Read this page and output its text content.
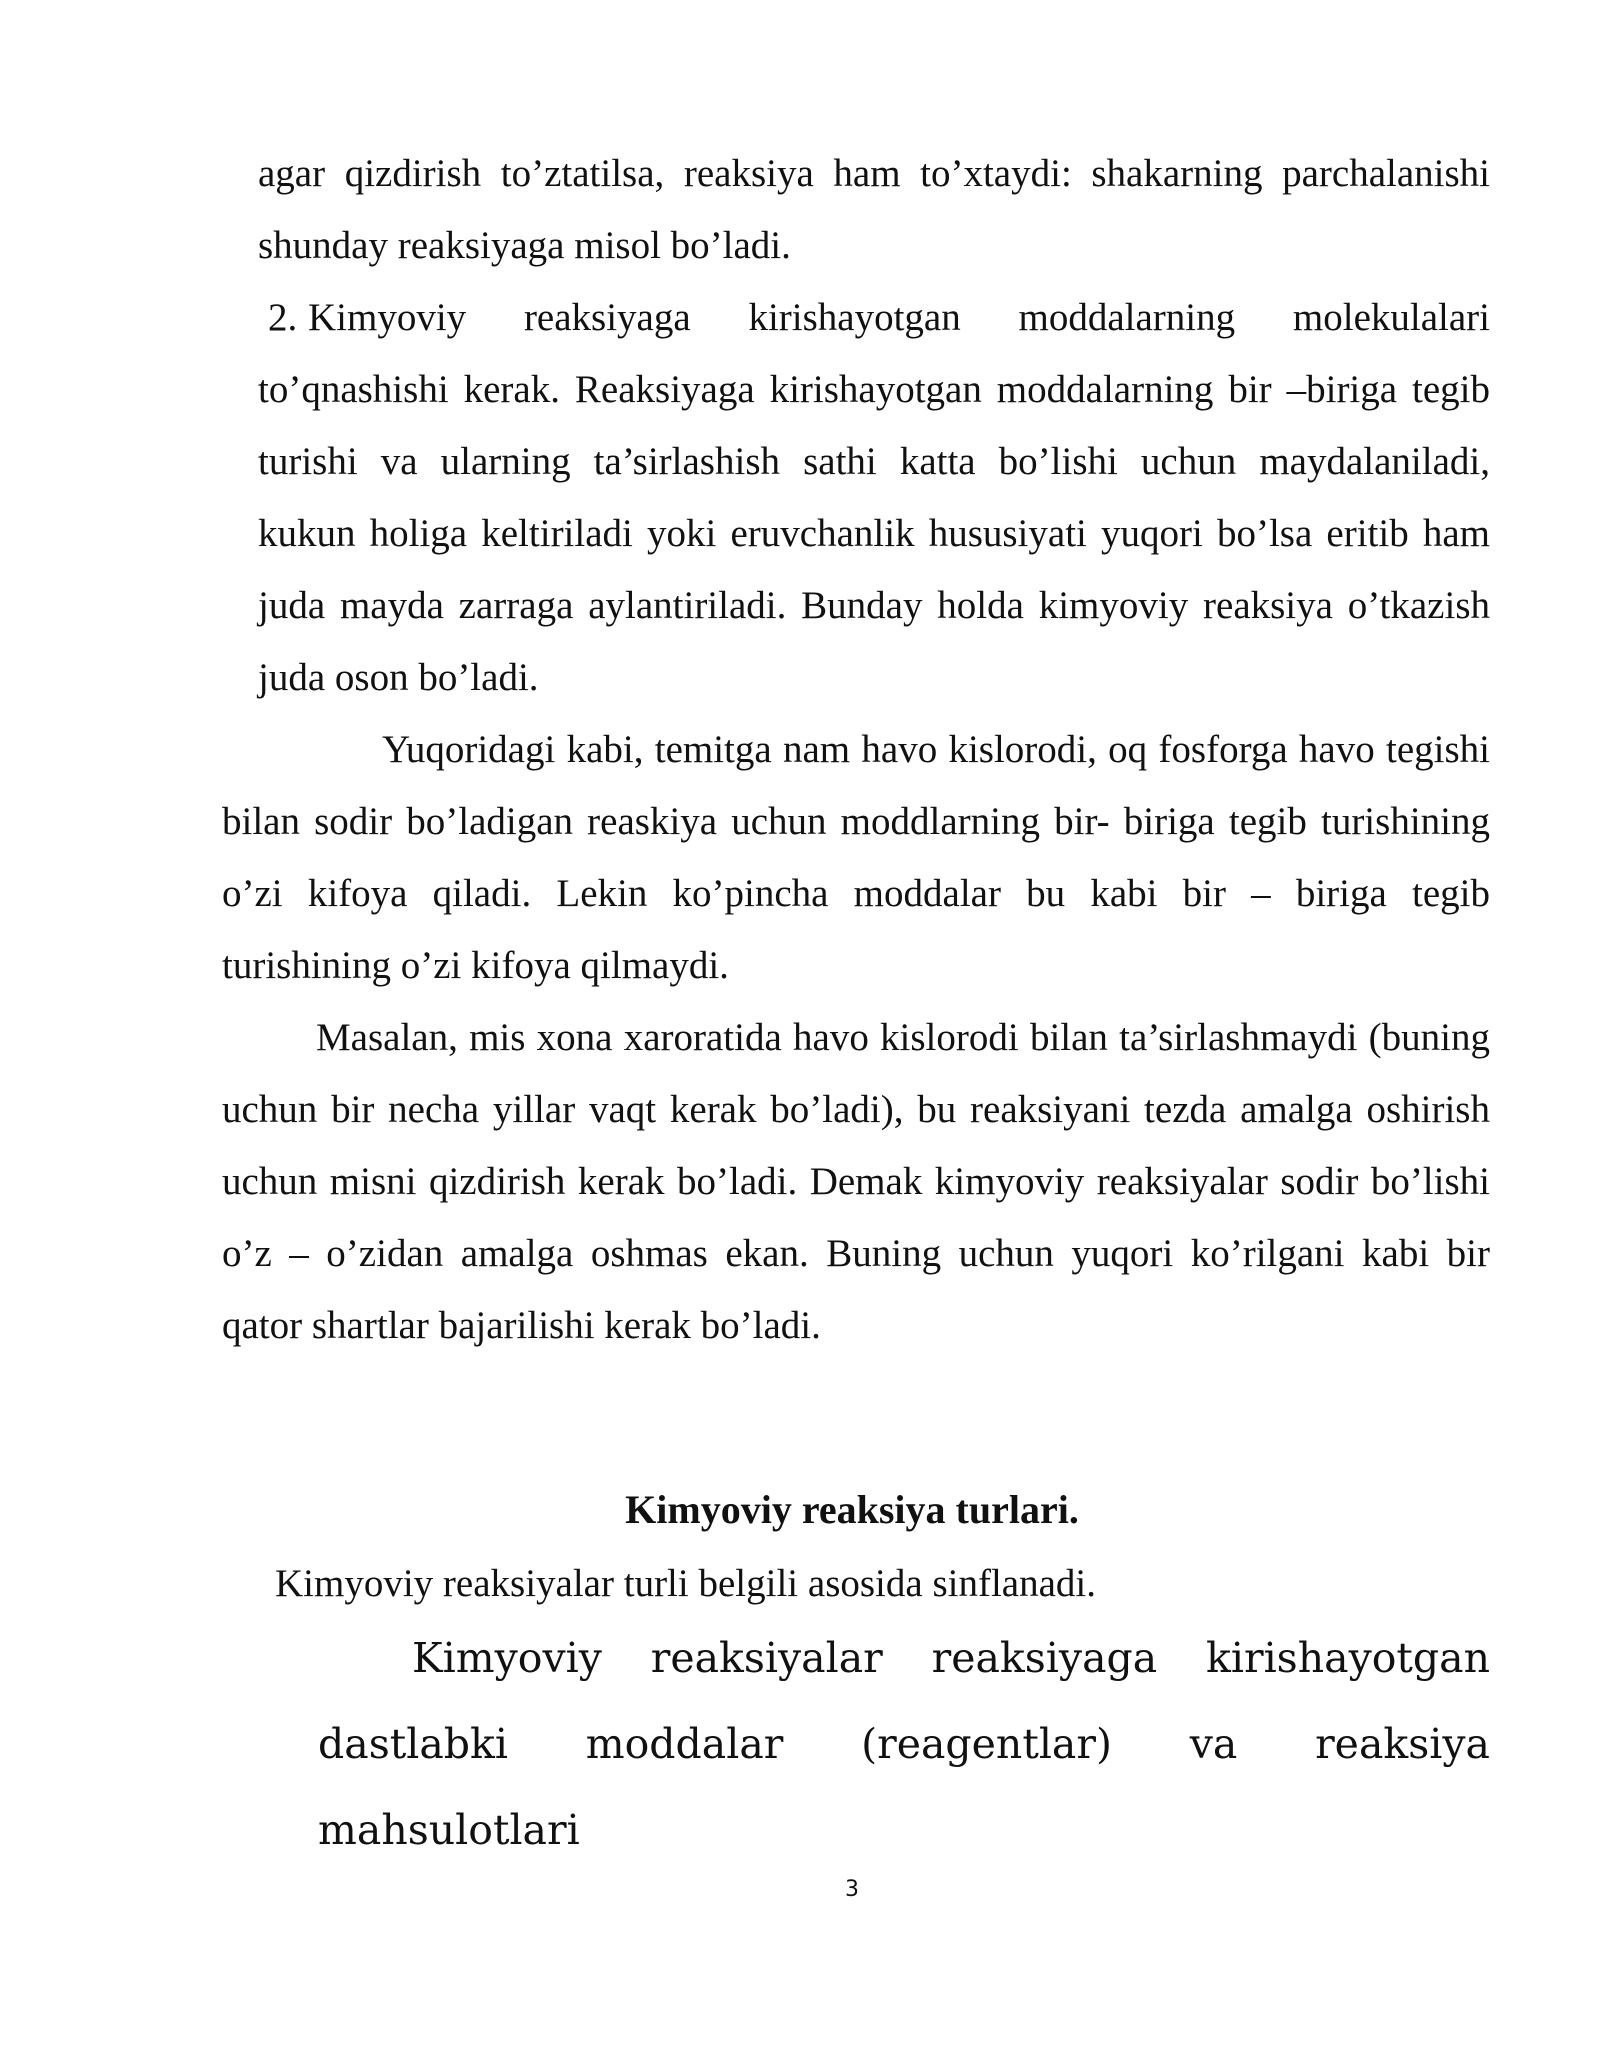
agar qizdirish to’ztatilsa, reaksiya ham to’xtaydi: shakarning parchalanishi shunday reaksiyaga misol bo’ladi.

2. Kimyoviy reaksiyaga kirishayotgan moddalarning molekulalari to’qnashishi kerak. Reaksiyaga kirishayotgan moddalarning bir –biriga tegib turishi va ularning ta’sirlashish sathi katta bo’lishi uchun maydalaniladi, kukun holiga keltiriladi yoki eruvchanlik hususiyati yuqori bo’lsa eritib ham juda mayda zarraga aylantiriladi. Bunday holda kimyoviy reaksiya o’tkazish juda oson bo’ladi.

Yuqoridagi kabi, temitga nam havo kislorodi, oq fosforga havo tegishi bilan sodir bo’ladigan reaskiya uchun moddlarning bir- biriga tegib turishining o’zi kifoya qiladi. Lekin ko’pincha moddalar bu kabi bir – biriga tegib turishining o’zi kifoya qilmaydi.

Masalan, mis xona xaroratida havo kislorodi bilan ta’sirlashmaydi (buning uchun bir necha yillar vaqt kerak bo’ladi), bu reaksiyani tezda amalga oshirish uchun misni qizdirish kerak bo’ladi. Demak kimyoviy reaksiyalar sodir bo’lishi o’z – o’zidan amalga oshmas ekan. Buning uchun yuqori ko’rilgani kabi bir qator shartlar bajarilishi kerak bo’ladi.

Kimyoviy reaksiya turlari.

Kimyoviy reaksiyalar turli belgili asosida sinflanadi.

Kimyoviy reaksiyalar reaksiyaga kirishayotgan dastlabki moddalar (reagentlar) va reaksiya mahsulotlari

3
